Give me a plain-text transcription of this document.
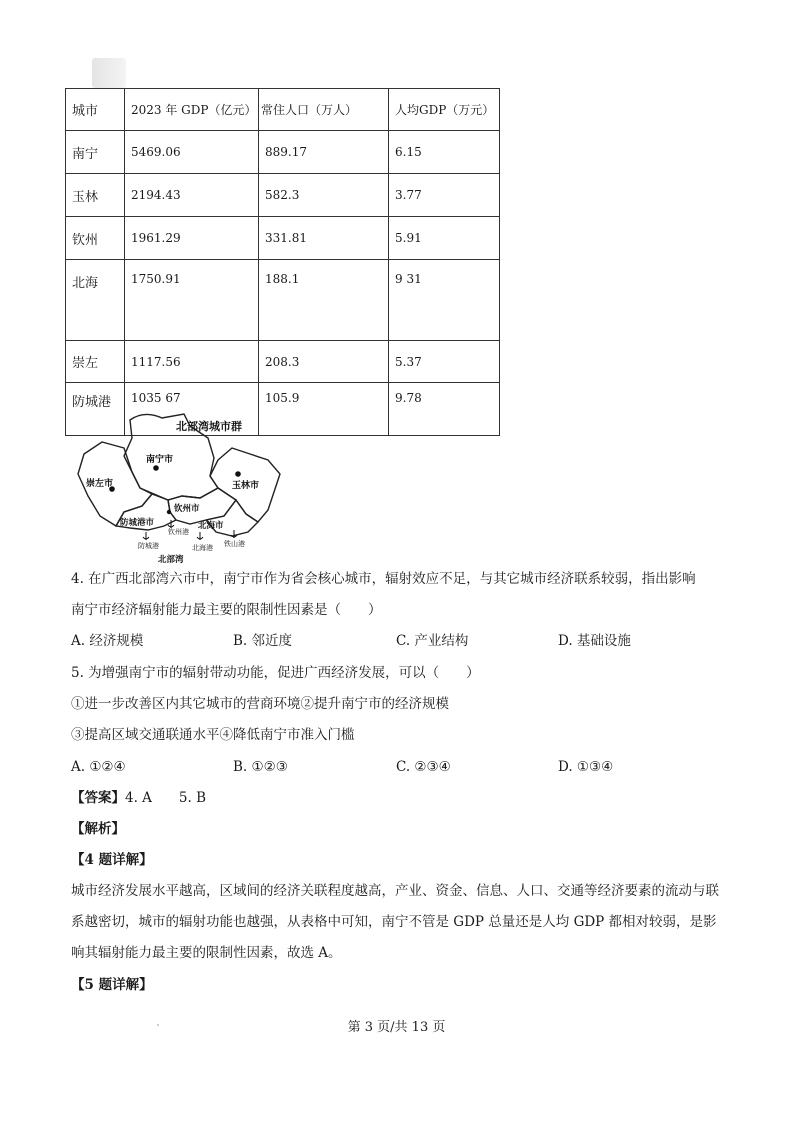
城市	2023 年 GDP（亿元）	常住人口（万人）	人均GDP（万元）
南宁	5469.06	889.17	6.15
玉林	2194.43	582.3	3.77
钦州	1961.29	331.81	5.91
北海	1750.91	188.1	9 31
崇左	1117.56	208.3	5.37
防城港	1035 67	105.9	9.78
北部湾城市群
南宁市
崇左市	玉林市
钦州市
防城港市	北海市
钦州港
防城港	北海港 铁山港
北部湾
4. 在广西北部湾六市中，南宁市作为省会核心城市，辐射效应不足，与其它城市经济联系较弱，指出影响
南宁市经济辐射能力最主要的限制性因素是（　　）
A. 经济规模	B. 邻近度	C. 产业结构	D. 基础设施
5. 为增强南宁市的辐射带动功能，促进广西经济发展，可以（　　）
①进一步改善区内其它城市的营商环境②提升南宁市的经济规模
③提高区域交通联通水平④降低南宁市准入门槛
A. ①②④	B. ①②③	C. ②③④	D. ①③④
【答案】4. A　　5. B
【解析】
【4 题详解】
城市经济发展水平越高，区域间的经济关联程度越高，产业、资金、信息、人口、交通等经济要素的流动与联系越密切，城市的辐射功能也越强，从表格中可知，南宁不管是 GDP 总量还是人均 GDP 都相对较弱，是影响其辐射能力最主要的限制性因素，故选 A。
【5 题详解】
第 3 页/共 13 页
